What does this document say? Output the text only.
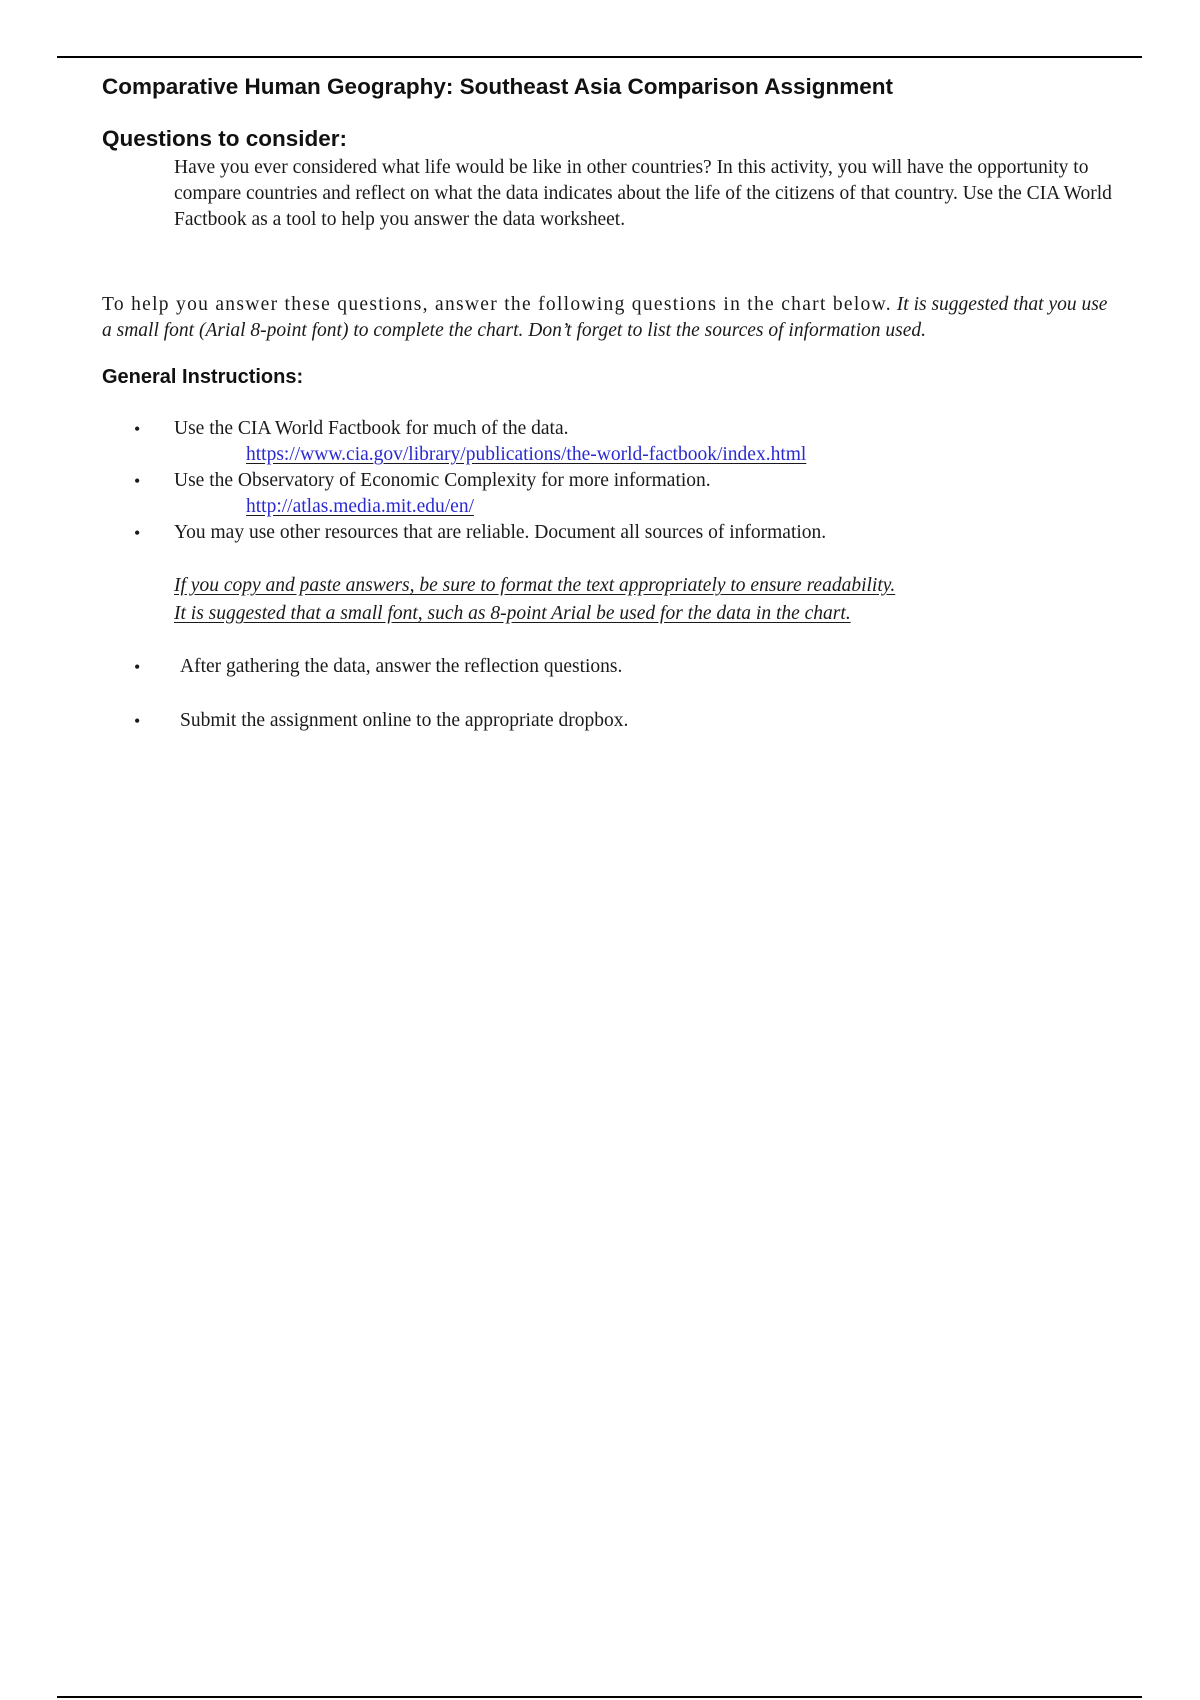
Comparative Human Geography: Southeast Asia Comparison Assignment
Questions to consider:

Have you ever considered what life would be like in other countries? In this activity, you will have the opportunity to compare countries and reflect on what the data indicates about the life of the citizens of that country. Use the CIA World Factbook as a tool to help you answer the data worksheet.

To help you answer these questions, answer the following questions in the chart below. It is suggested that you use a small font (Arial 8-point font) to complete the chart. Don’t forget to list the sources of information used.

General Instructions:
• Use the CIA World Factbook for much of the data.
https://www.cia.gov/library/publications/the-world-factbook/index.html
• Use the Observatory of Economic Complexity for more information.
http://atlas.media.mit.edu/en/
• You may use other resources that are reliable. Document all sources of information.

If you copy and paste answers, be sure to format the text appropriately to ensure readability.
It is suggested that a small font, such as 8-point Arial be used for the data in the chart.

• After gathering the data, answer the reflection questions.
• Submit the assignment online to the appropriate dropbox.
